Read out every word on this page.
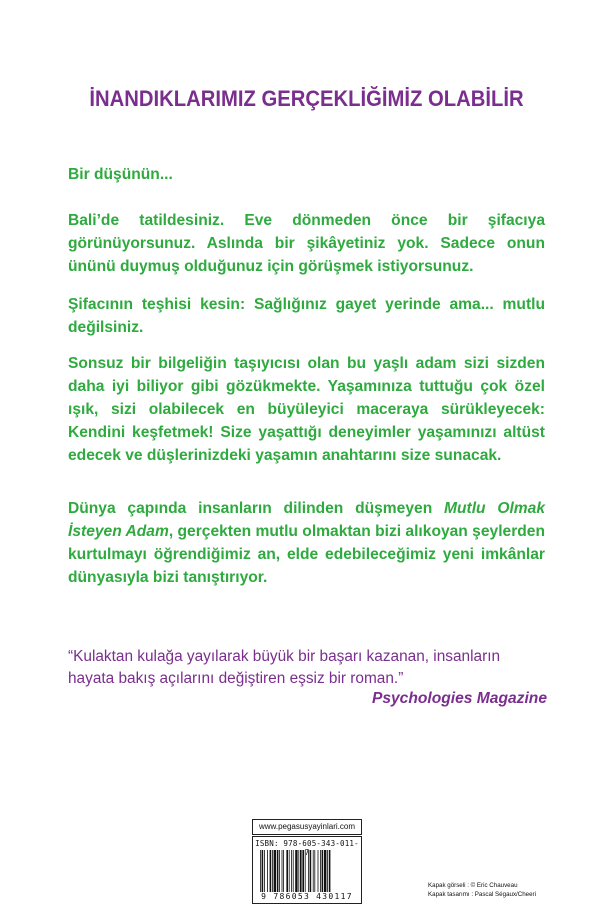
İNANDIKLARIMIZ GERÇEKLİĞİMİZ OLABİLİR

Bir düşünün...

Bali’de tatildesiniz. Eve dönmeden önce bir şifacıya görünüyorsunuz. Aslında bir şikâyetiniz yok. Sadece onun ününü duymuş olduğunuz için görüşmek istiyorsunuz.

Şifacının teşhisi kesin: Sağlığınız gayet yerinde ama... mutlu değilsiniz.

Sonsuz bir bilgeliğin taşıyıcısı olan bu yaşlı adam sizi sizden daha iyi biliyor gibi gözükmekte. Yaşamınıza tuttuğu çok özel ışık, sizi olabilecek en büyüleyici maceraya sürükleyecek: Kendini keşfetmek! Size yaşattığı deneyimler yaşamınızı altüst edecek ve düşlerinizdeki yaşamın anahtarını size sunacak.

Dünya çapında insanların dilinden düşmeyen Mutlu Olmak İsteyen Adam, gerçekten mutlu olmaktan bizi alıkoyan şeylerden kurtulmayı öğrendiğimiz an, elde edebileceğimiz yeni imkânlar dünyasıyla bizi tanıştırıyor.

“Kulaktan kulağa yayılarak büyük bir başarı kazanan, insanların hayata bakış açılarını değiştiren eşsiz bir roman.”

Psychologies Magazine

www.pegasusyayinlari.com
ISBN: 978-605-343-011-7
9 786053 430117
Kapak görseli : © Eric Chauveau
Kapak tasarımı : Pascal Ségaux/Cheeri
